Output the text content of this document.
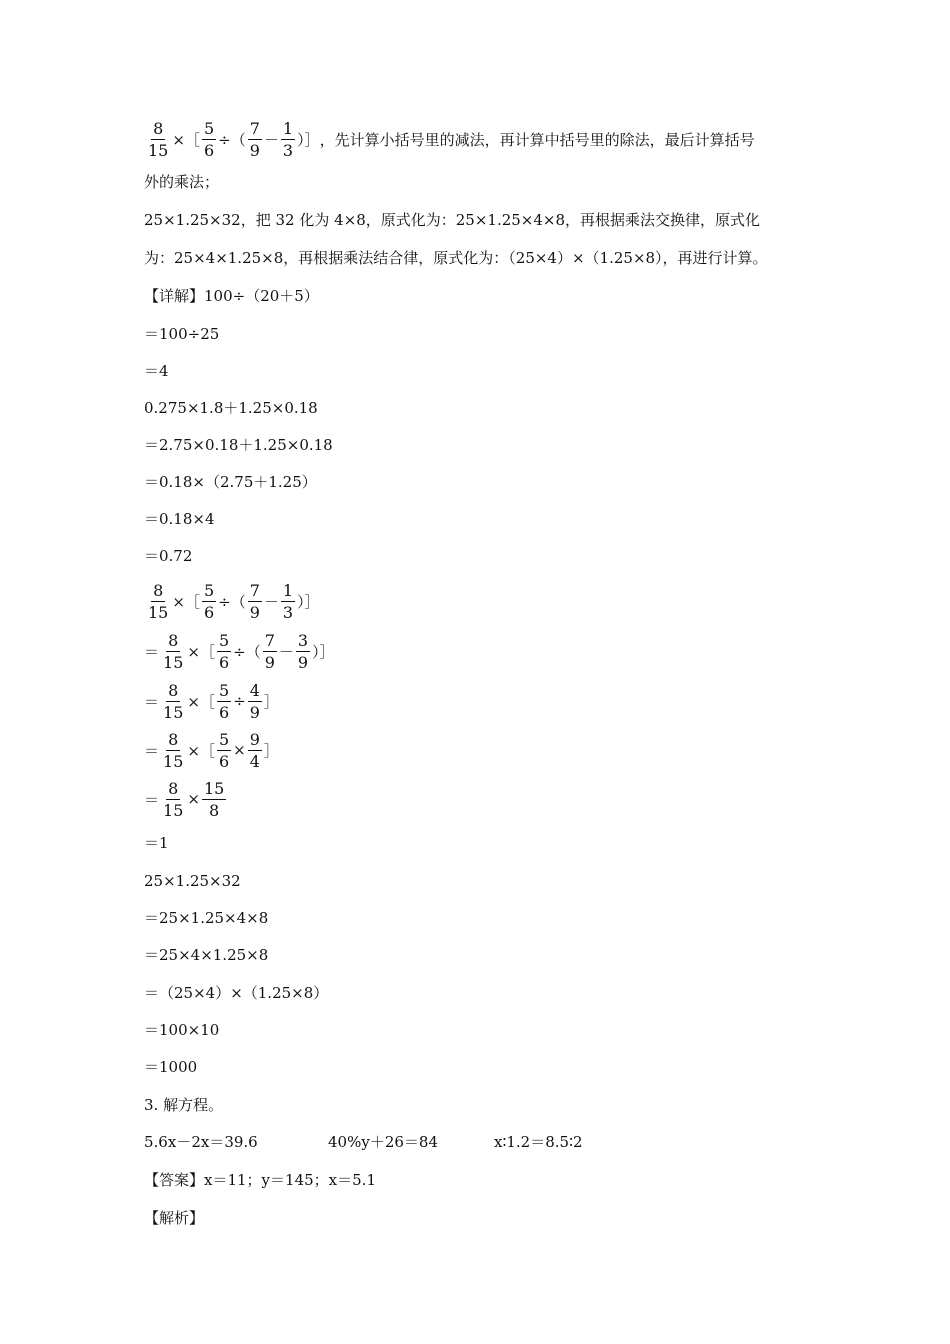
$\frac{8}{15}$ ×［ $\frac{5}{6}$ ÷（ $\frac{7}{9} - \frac{1}{3}$ ）］ ，先计算小括号里的减法，再计算中括号里的除法，最后计算括号
外的乘法；
25×1.25×32，把 32 化为 4×8，原式化为：25×1.25×4×8，再根据乘法交换律，原式化
为：25×4×1.25×8，再根据乘法结合律，原式化为：（25×4）×（1.25×8），再进行计算。
【详解】100÷（20＋5）
＝100÷25
＝4
0.275×1.8＋1.25×0.18
＝2.75×0.18＋1.25×0.18
＝0.18×（2.75＋1.25）
＝0.18×4
＝0.72
$\frac{8}{15}$ ×［ $\frac{5}{6}$ ÷（ $\frac{7}{9} - \frac{1}{3}$ ）］
＝ $\frac{8}{15}$ ×［ $\frac{5}{6}$ ÷（ $\frac{7}{9} - \frac{3}{9}$ ）］
＝ $\frac{8}{15}$ ×［ $\frac{5}{6} \div \frac{4}{9}$ ］
＝ $\frac{8}{15}$ ×［ $\frac{5}{6} \times \frac{9}{4}$ ］
＝ $\frac{8}{15} \times \frac{15}{8}$
＝1
25×1.25×32
＝25×1.25×4×8
＝25×4×1.25×8
＝（25×4）×（1.25×8）
＝100×10
＝1000
3. 解方程。
5.6x－2x＝39.6	40%y＋26＝84	x∶1.2＝8.5∶2
【答案】x＝11；y＝145；x＝5.1
【解析】
